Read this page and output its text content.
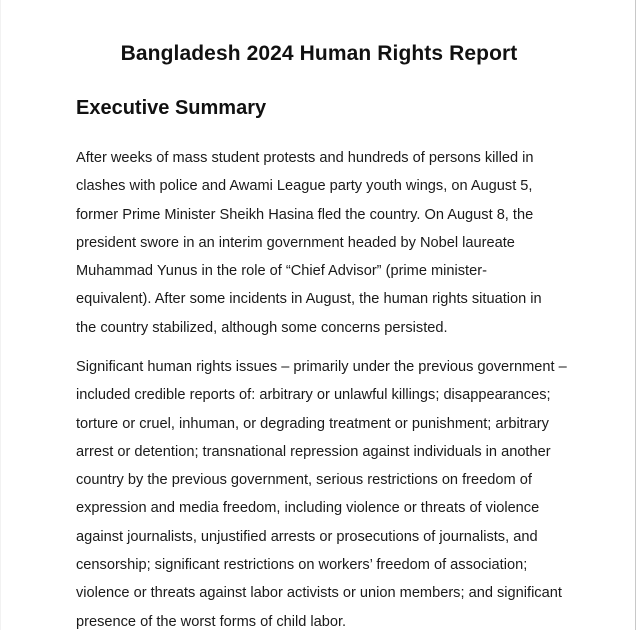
Bangladesh 2024 Human Rights Report
Executive Summary

After weeks of mass student protests and hundreds of persons killed in
clashes with police and Awami League party youth wings, on August 5,
former Prime Minister Sheikh Hasina fled the country. On August 8, the
president swore in an interim government headed by Nobel laureate
Muhammad Yunus in the role of “Chief Advisor” (prime minister-
equivalent). After some incidents in August, the human rights situation in
the country stabilized, although some concerns persisted.

Significant human rights issues – primarily under the previous government –
included credible reports of: arbitrary or unlawful killings; disappearances;
torture or cruel, inhuman, or degrading treatment or punishment; arbitrary
arrest or detention; transnational repression against individuals in another
country by the previous government, serious restrictions on freedom of
expression and media freedom, including violence or threats of violence
against journalists, unjustified arrests or prosecutions of journalists, and
censorship; significant restrictions on workers’ freedom of association;
violence or threats against labor activists or union members; and significant
presence of the worst forms of child labor.
